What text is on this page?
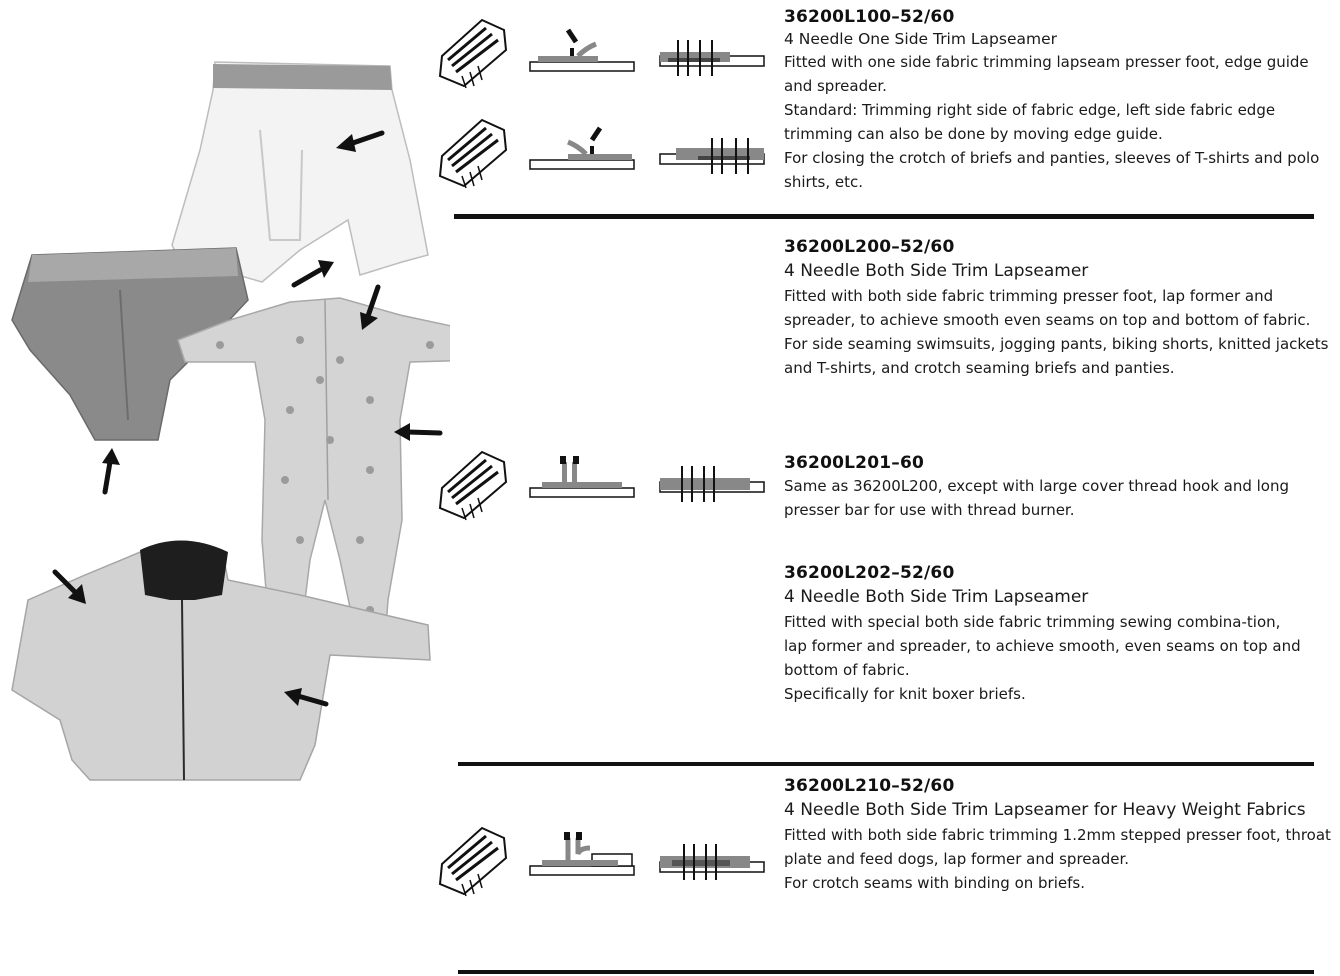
36200L100–52/60
4 Needle One Side Trim Lapseamer

Fitted with one side fabric trimming lapseam presser foot, edge guide and spreader.

Standard: Trimming right side of fabric edge, left side fabric edge trimming can also be done by moving edge guide.

For closing the crotch of briefs and panties, sleeves of T-shirts and polo shirts, etc.

36200L200–52/60
4 Needle Both Side Trim Lapseamer

Fitted with both side fabric trimming presser foot, lap former and spreader, to achieve smooth even seams on top and bottom of fabric.

For side seaming swimsuits, jogging pants, biking shorts, knitted jackets and T-shirts, and crotch seaming briefs and panties.

36200L201–60

Same as 36200L200, except with large cover thread hook and long presser bar for use with thread burner.

36200L202–52/60
4 Needle Both Side Trim Lapseamer

Fitted with special both side fabric trimming sewing combina-tion,

lap former and spreader, to achieve smooth, even seams on top and bottom of fabric.

Specifically for knit boxer briefs.

36200L210–52/60
4 Needle Both Side Trim Lapseamer for Heavy Weight Fabrics

Fitted with both side fabric trimming 1.2mm stepped presser foot, throat plate and feed dogs, lap former and spreader.

For crotch seams with binding on briefs.
